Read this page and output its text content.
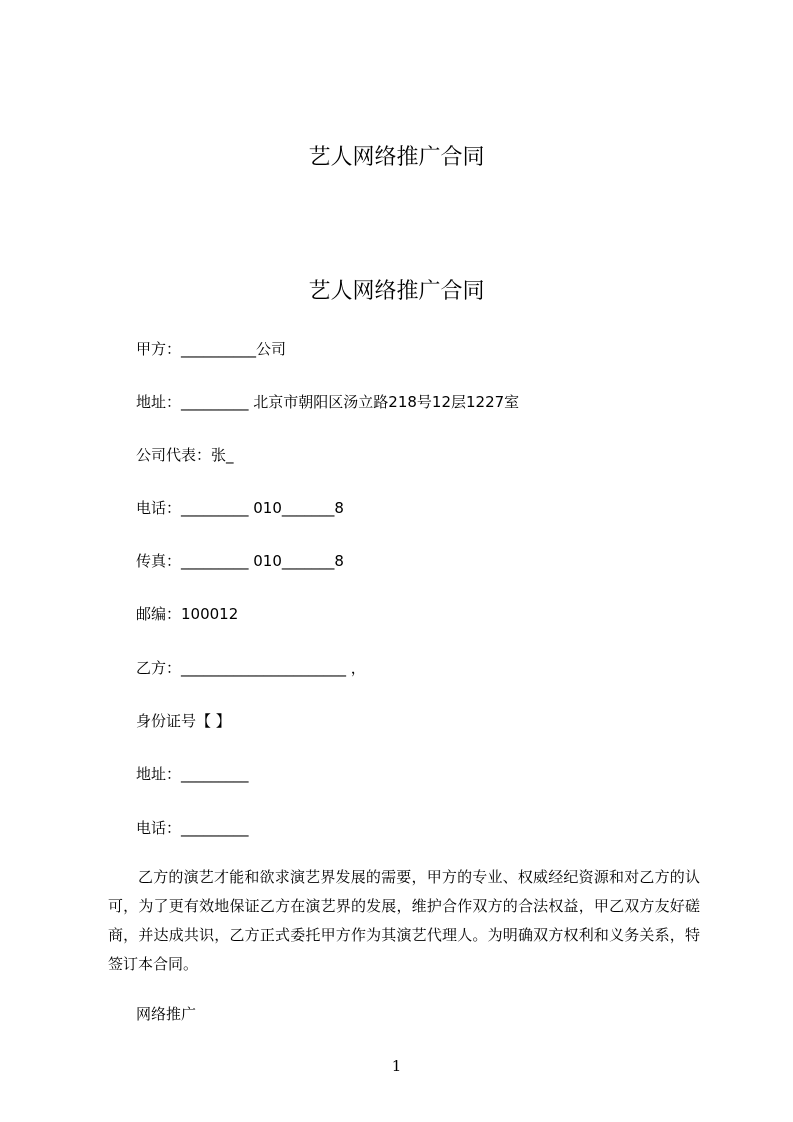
艺人网络推广合同
艺人网络推广合同

甲方：__________公司

地址：_________ 北京市朝阳区汤立路218号12层1227室

公司代表：张_

电话：_________ 010_______8

传真：_________ 010_______8

邮编：100012

乙方：______________________ ，

身份证号【 】

地址：_________

电话：_________

乙方的演艺才能和欲求演艺界发展的需要，甲方的专业、权威经纪资源和对乙方的认可，为了更有效地保证乙方在演艺界的发展，维护合作双方的合法权益，甲乙双方友好磋商，并达成共识，乙方正式委托甲方作为其演艺代理人。为明确双方权利和义务关系，特签订本合同。

网络推广

1
